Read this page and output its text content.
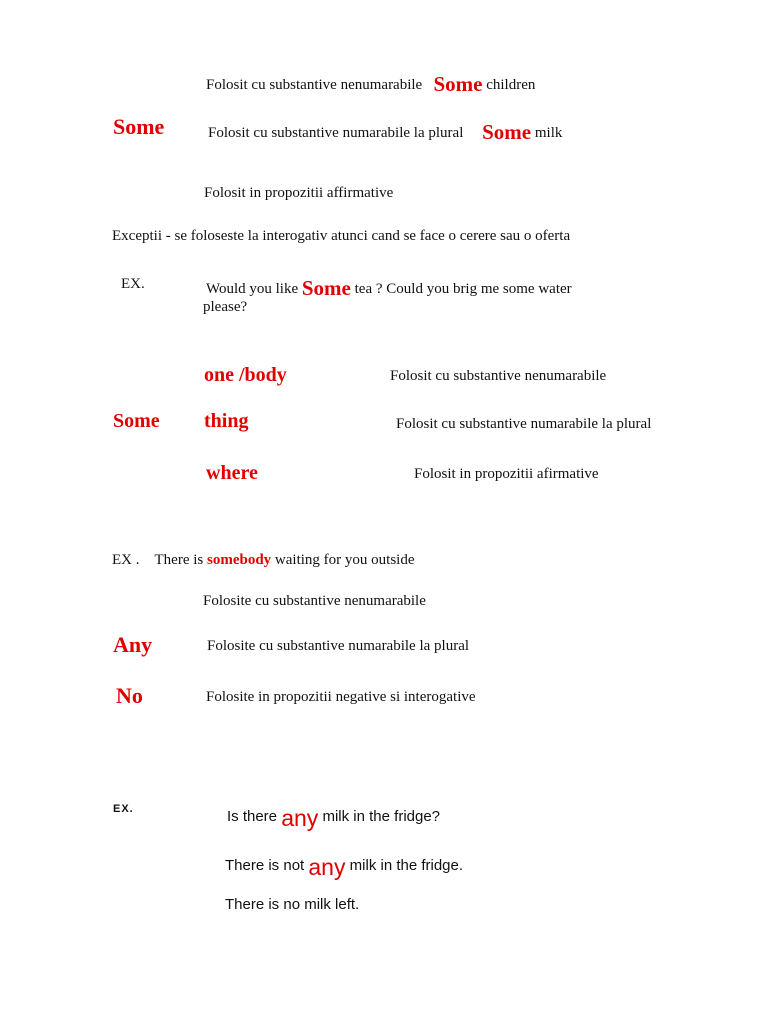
Folosit cu substantive nenumarabile Some children
Some	Folosit cu substantive numarabile la plural Some milk
Folosit in propozitii affirmative
Exceptii - se foloseste la interogativ atunci cand se face o cerere sau o oferta
EX.	Would you like Some tea ? Could you brig me some water
please?
one /body	Folosit cu substantive nenumarabile
Some thing	Folosit cu substantive numarabile la plural
where	Folosit in propozitii afirmative
EX . There is somebody waiting for you outside
Folosite cu substantive nenumarabile
Any	Folosite cu substantive numarabile la plural
No	Folosite in propozitii negative si interogative
EX.	Is there any milk in the fridge?
There is not any milk in the fridge.
There is no milk left.
